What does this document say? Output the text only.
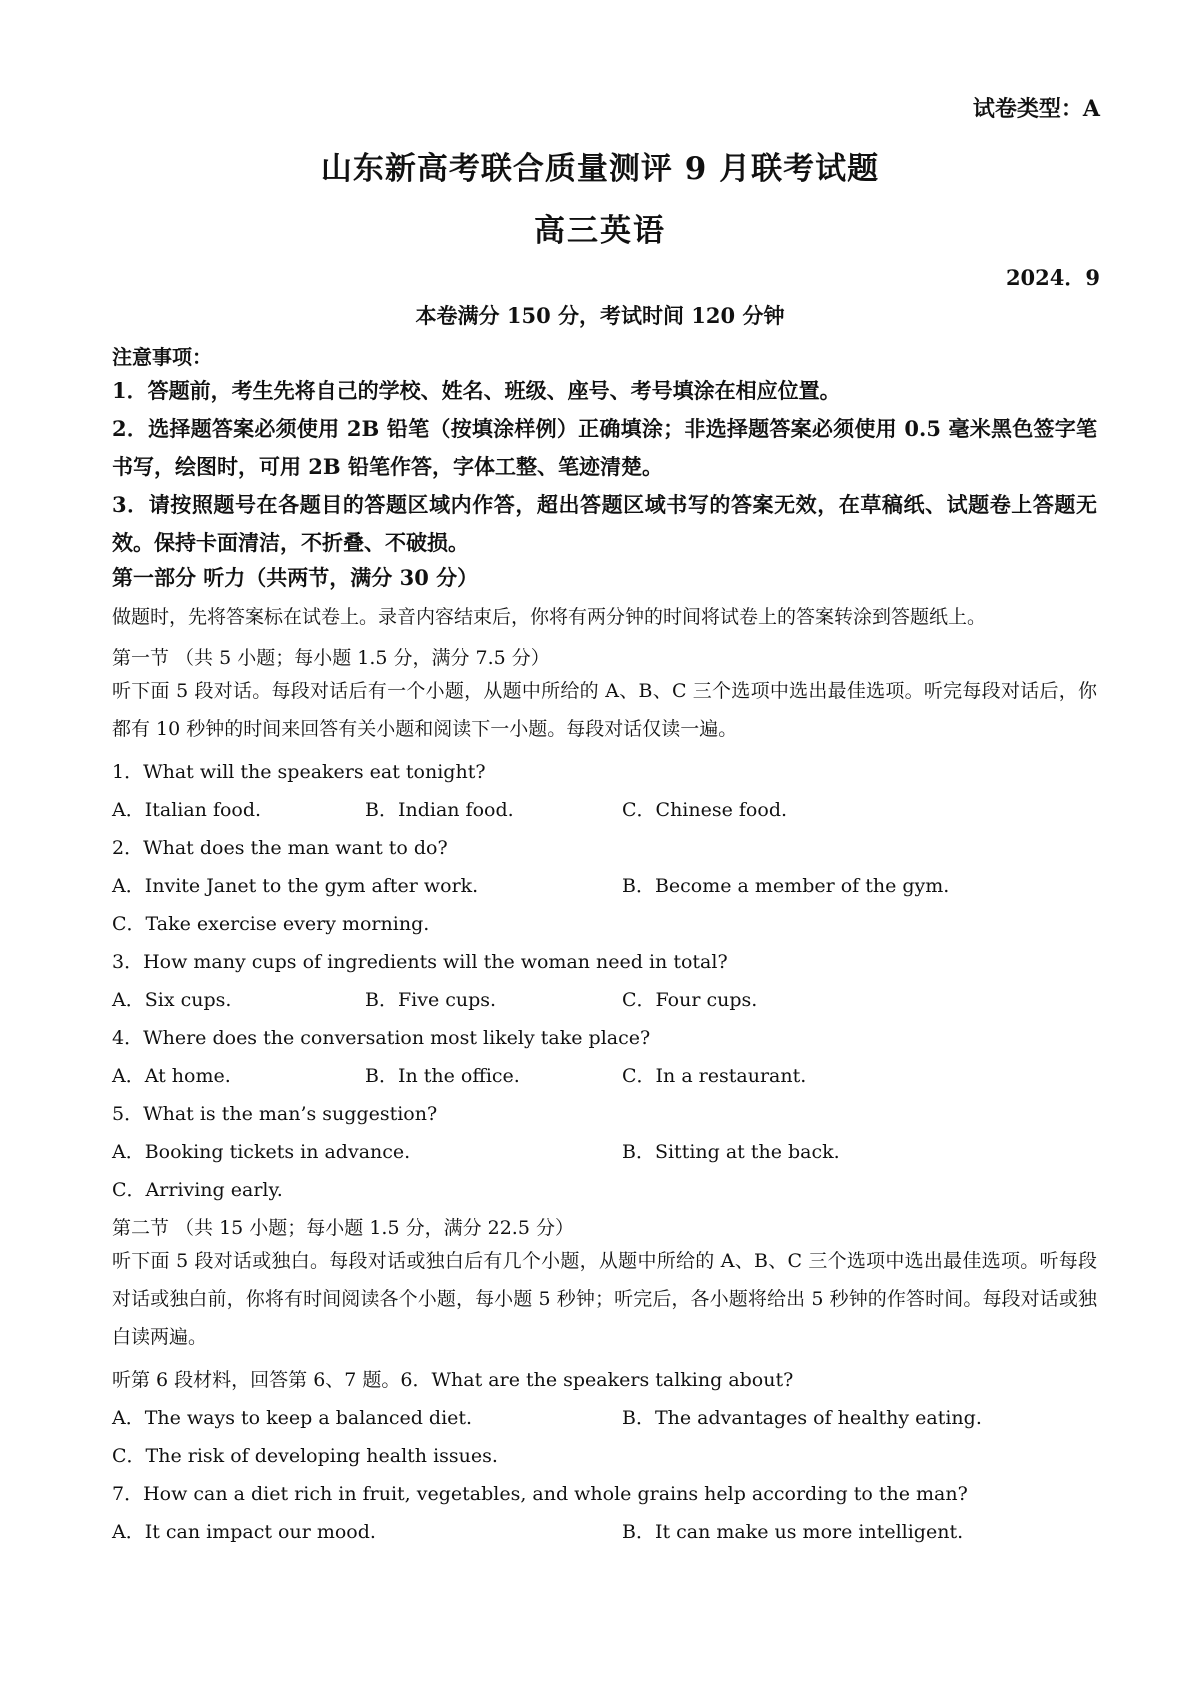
试卷类型：A
山东新高考联合质量测评 9 月联考试题
高三英语
2024．9
本卷满分 150 分，考试时间 120 分钟
注意事项：
1．答题前，考生先将自己的学校、姓名、班级、座号、考号填涂在相应位置。
2．选择题答案必须使用 2B 铅笔（按填涂样例）正确填涂；非选择题答案必须使用 0.5 毫米黑色签字笔书写，绘图时，可用 2B 铅笔作答，字体工整、笔迹清楚。
3．请按照题号在各题目的答题区域内作答，超出答题区域书写的答案无效，在草稿纸、试题卷上答题无效。保持卡面清洁，不折叠、不破损。
第一部分 听力（共两节，满分 30 分）
做题时，先将答案标在试卷上。录音内容结束后，你将有两分钟的时间将试卷上的答案转涂到答题纸上。
第一节 （共 5 小题；每小题 1.5 分，满分 7.5 分）
听下面 5 段对话。每段对话后有一个小题，从题中所给的 A、B、C 三个选项中选出最佳选项。听完每段对话后，你都有 10 秒钟的时间来回答有关小题和阅读下一小题。每段对话仅读一遍。
1．What will the speakers eat tonight?
A．Italian food.	B．Indian food.	C．Chinese food.
2．What does the man want to do?
A．Invite Janet to the gym after work.	B．Become a member of the gym.
C．Take exercise every morning.
3．How many cups of ingredients will the woman need in total?
A．Six cups.	B．Five cups.	C．Four cups.
4．Where does the conversation most likely take place?
A．At home.	B．In the office.	C．In a restaurant.
5．What is the man’s suggestion?
A．Booking tickets in advance.	B．Sitting at the back.
C．Arriving early.
第二节 （共 15 小题；每小题 1.5 分，满分 22.5 分）
听下面 5 段对话或独白。每段对话或独白后有几个小题，从题中所给的 A、B、C 三个选项中选出最佳选项。听每段对话或独白前，你将有时间阅读各个小题，每小题 5 秒钟；听完后，各小题将给出 5 秒钟的作答时间。每段对话或独白读两遍。
听第 6 段材料，回答第 6、7 题。6．What are the speakers talking about?
A．The ways to keep a balanced diet.	B．The advantages of healthy eating.
C．The risk of developing health issues.
7．How can a diet rich in fruit, vegetables, and whole grains help according to the man?
A．It can impact our mood.	B．It can make us more intelligent.
